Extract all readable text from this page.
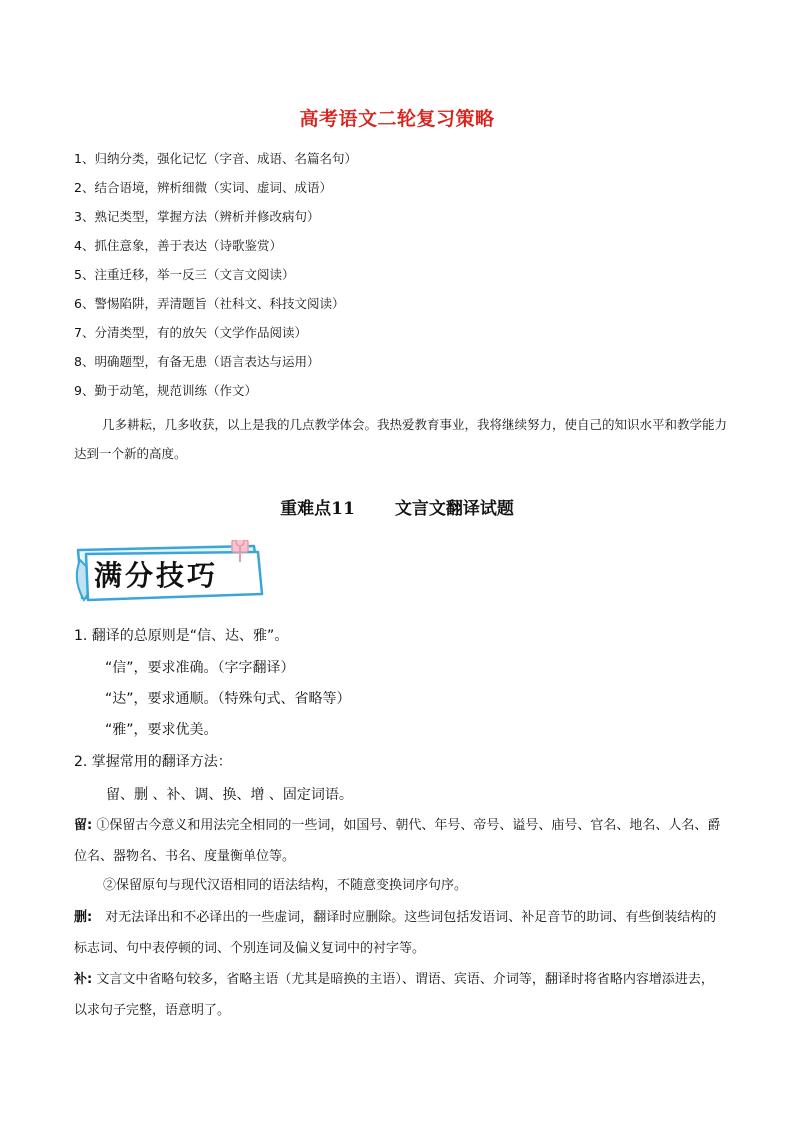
高考语文二轮复习策略
1、归纳分类，强化记忆（字音、成语、名篇名句）
2、结合语境，辨析细微（实词、虚词、成语）
3、熟记类型，掌握方法（辨析并修改病句）
4、抓住意象，善于表达（诗歌鉴赏）
5、注重迁移，举一反三（文言文阅读）
6、警惕陷阱，弄清题旨（社科文、科技文阅读）
7、分清类型，有的放矢（文学作品阅读）
8、明确题型，有备无患（语言表达与运用）
9、勤于动笔，规范训练（作文）

几多耕耘，几多收获，以上是我的几点教学体会。我热爱教育事业，我将继续努力，使自己的知识水平和教学能力达到一个新的高度。

重难点11 文言文翻译试题
满分技巧
1. 翻译的总原则是“信、达、雅”。
“信”，要求准确。（字字翻译）
“达”，要求通顺。（特殊句式、省略等）
“雅”，要求优美。
2. 掌握常用的翻译方法：
留、删 、补、调、换、增 、固定词语。

留: ①保留古今意义和用法完全相同的一些词，如国号、朝代、年号、帝号、谥号、庙号、官名、地名、人名、爵位名、器物名、书名、度量衡单位等。

②保留原句与现代汉语相同的语法结构，不随意变换词序句序。

删:　对无法译出和不必译出的一些虚词，翻译时应删除。这些词包括发语词、补足音节的助词、有些倒装结构的标志词、句中表停顿的词、个别连词及偏义复词中的衬字等。

补: 文言文中省略句较多，省略主语（尤其是暗换的主语）、谓语、宾语、介词等，翻译时将省略内容增添进去，以求句子完整，语意明了。
